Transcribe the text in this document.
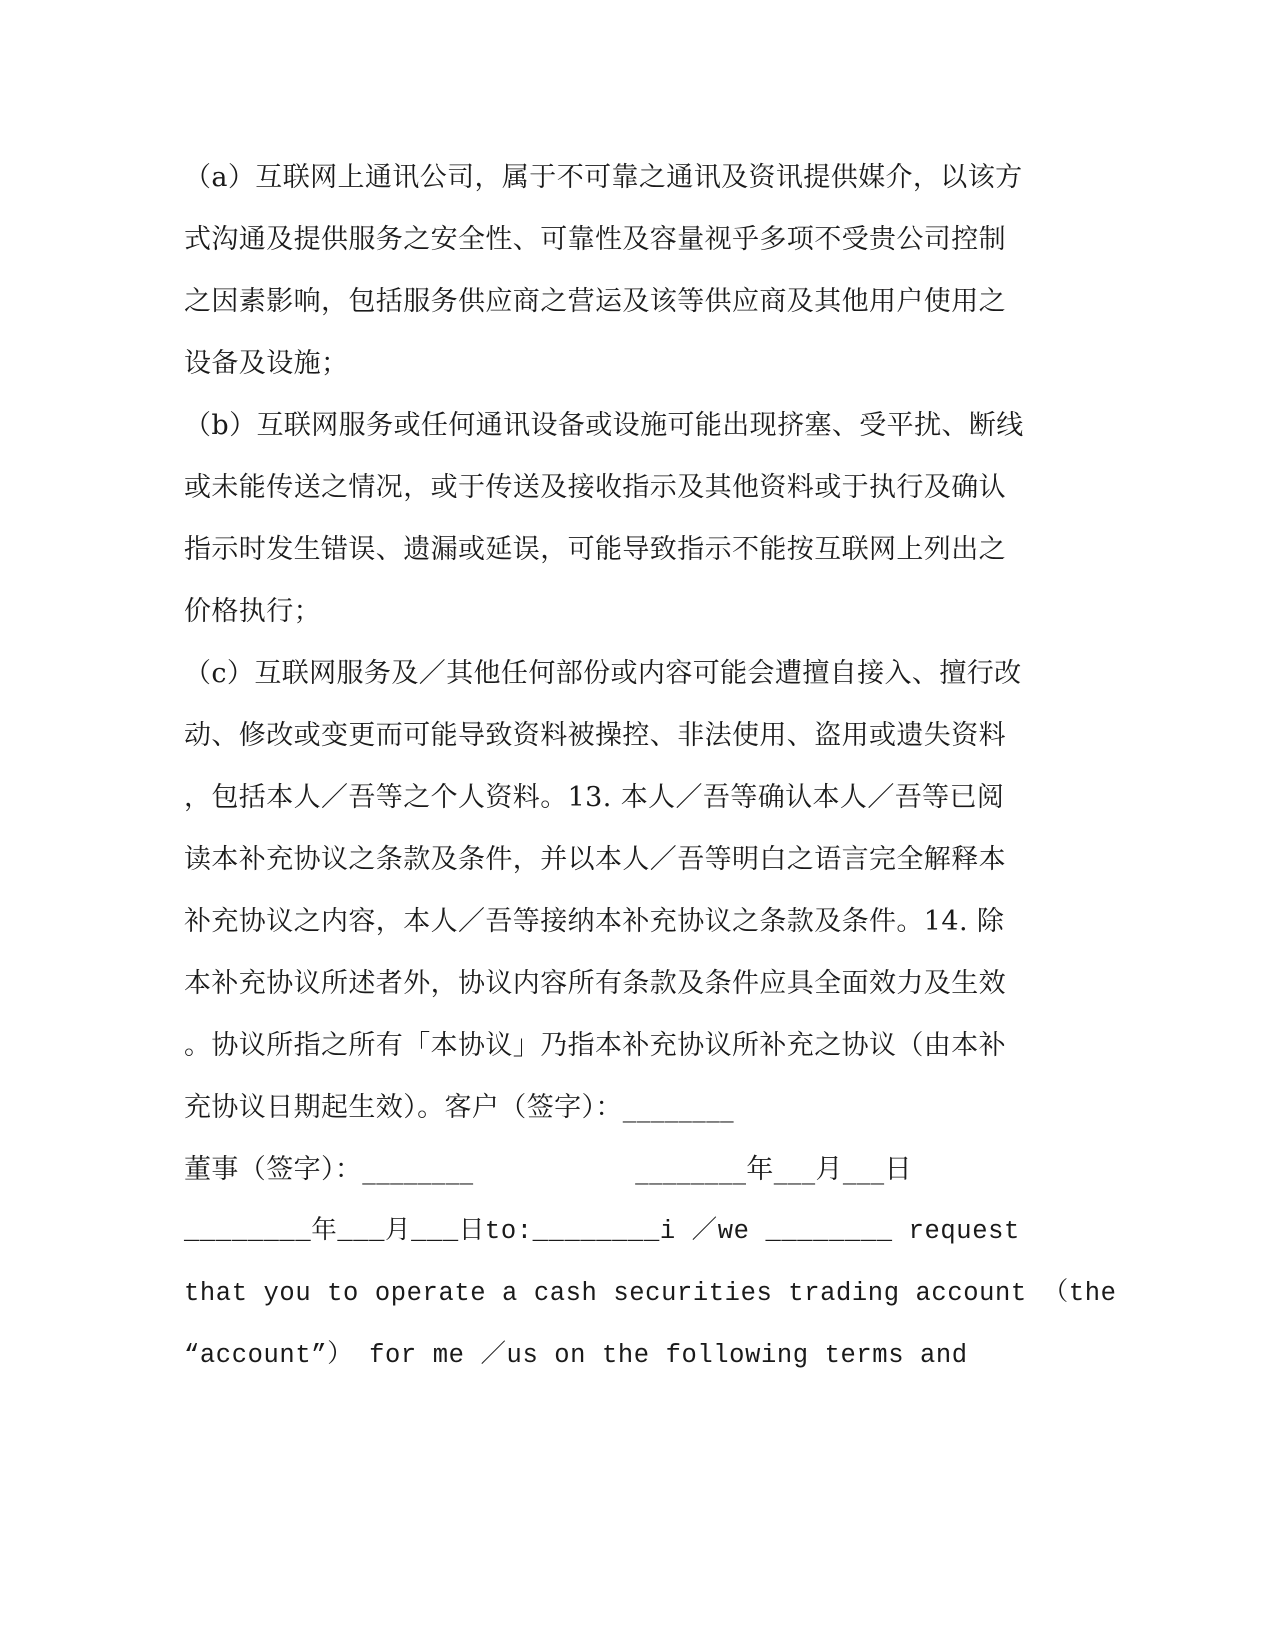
（a）互联网上通讯公司，属于不可靠之通讯及资讯提供媒介，以该方
式沟通及提供服务之安全性、可靠性及容量视乎多项不受贵公司控制
之因素影响，包括服务供应商之营运及该等供应商及其他用户使用之
设备及设施；
（b）互联网服务或任何通讯设备或设施可能出现挤塞、受平扰、断线
或未能传送之情况，或于传送及接收指示及其他资料或于执行及确认
指示时发生错误、遗漏或延误，可能导致指示不能按互联网上列出之
价格执行；
（c）互联网服务及／其他任何部份或内容可能会遭擅自接入、擅行改
动、修改或变更而可能导致资料被操控、非法使用、盗用或遗失资料
，包括本人／吾等之个人资料。13. 本人／吾等确认本人／吾等已阅
读本补充协议之条款及条件，并以本人／吾等明白之语言完全解释本
补充协议之内容，本人／吾等接纳本补充协议之条款及条件。14. 除
本补充协议所述者外，协议内容所有条款及条件应具全面效力及生效
。协议所指之所有「本协议」乃指本补充协议所补充之协议（由本补
充协议日期起生效）。客户（签字）：________
董事（签字）：________                  ________年___月___日
________年___月___日to:________i ／we ________ request
that you to operate a cash securities trading account （the
“account”） for me ／us on the following terms and
